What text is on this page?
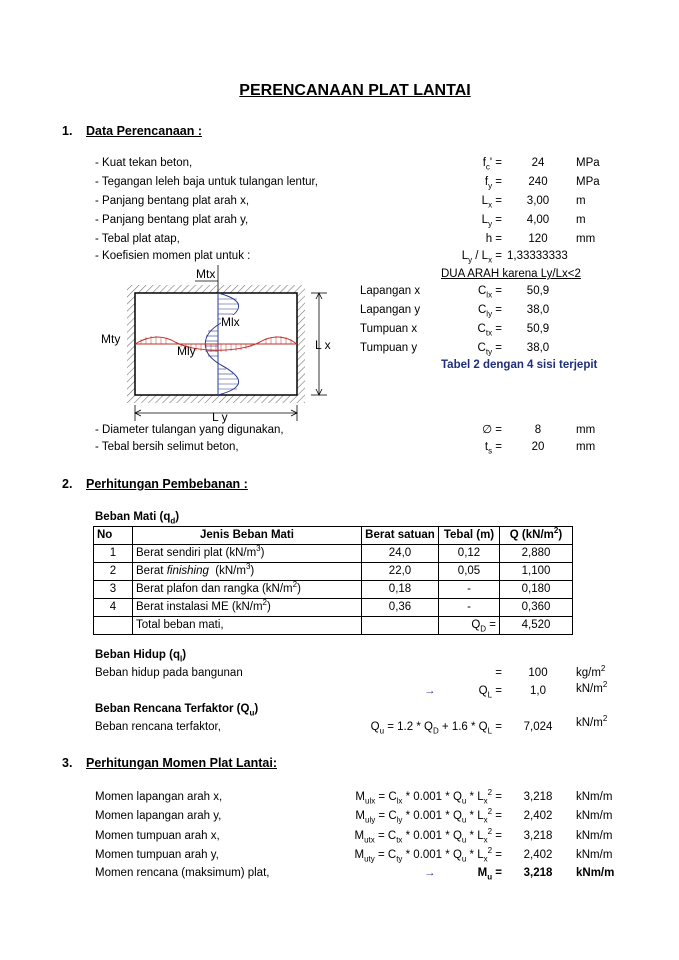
PERENCANAAN PLAT LANTAI
1. Data Perencanaan :
- Kuat tekan beton,	$f_c'$ =	24	MPa
- Tegangan leleh baja untuk tulangan lentur,	$f_y$ =	240	MPa
- Panjang bentang plat arah x,	$L_x$ =	3,00	m
- Panjang bentang plat arah y,	$L_y$ =	4,00	m
- Tebal plat atap,	h =	120	mm
- Koefisien momen plat untuk :	$L_y / L_x = 1,33333333$
DUA ARAH karena Ly/Lx<2
Lapangan x	$C_{lx}$ =	50,9
Lapangan y	$C_{ly}$ =	38,0
Tumpuan x	$C_{tx}$ =	50,9
Tumpuan y	$C_{ty}$ =	38,0
Tabel 2 dengan 4 sisi terjepit
Mtx
Mlx
Mty
Mly	L x
L y
- Diameter tulangan yang digunakan,	∅ =	8	mm
- Tebal bersih selimut beton,	$t_s$ =	20	mm
2. Perhitungan Pembebanan :
Beban Mati $(q_d)$
No	Jenis Beban Mati	Berat satuan	Tebal (m)	Q $(kN/m^2)$
1	Berat sendiri plat $(kN/m^3)$	24,0	0,12	2,880
2	Berat finishing  $(kN/m^3)$	22,0	0,05	1,100
3	Berat plafon dan rangka $(kN/m^2)$	0,18	-	0,180
4	Berat instalasi ME $(kN/m^2)$	0,36	-	0,360
	Total beban mati,		$Q_D$ =	4,520
Beban Hidup $(q_l)$
Beban hidup pada bangunan	=	100	$kg/m^2$
→	$Q_L$ =	1,0	$kN/m^2$
Beban Rencana Terfaktor $(Q_u)$
Beban rencana terfaktor,	$Q_u = 1.2 * Q_D + 1.6 * Q_L$ =	7,024	$kN/m^2$
3. Perhitungan Momen Plat Lantai:
Momen lapangan arah x,	$M_{ulx} = C_{lx} * 0.001 * Q_u * L_x^2$ =	3,218	kNm/m
Momen lapangan arah y,	$M_{uly} = C_{ly} * 0.001 * Q_u * L_x^2$ =	2,402	kNm/m
Momen tumpuan arah x,	$M_{utx} = C_{tx} * 0.001 * Q_u * L_x^2$ =	3,218	kNm/m
Momen tumpuan arah y,	$M_{uty} = C_{ty} * 0.001 * Q_u * L_x^2$ =	2,402	kNm/m
Momen rencana (maksimum) plat,	→	$M_u$ =	3,218	kNm/m
